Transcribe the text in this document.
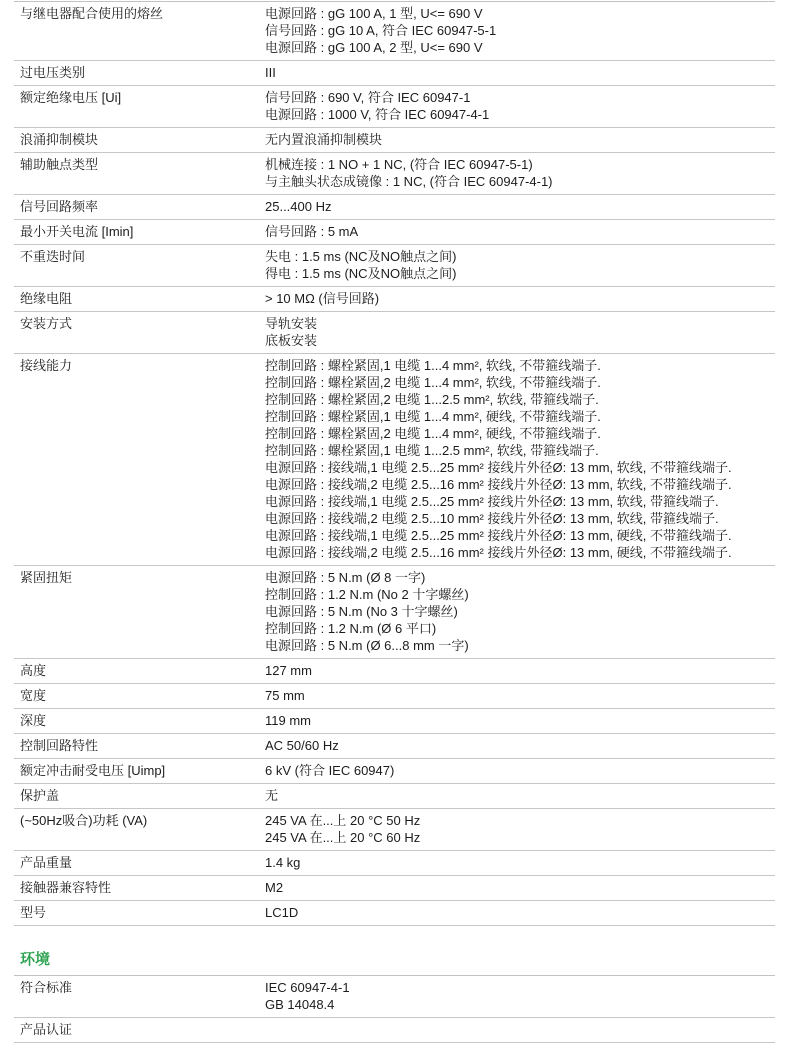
与继电器配合使用的熔丝	电源回路 : gG 100 A, 1 型, U<= 690 V
信号回路 : gG 10 A, 符合 IEC 60947-5-1
电源回路 : gG 100 A, 2 型, U<= 690 V
过电压类别	III
额定绝缘电压 [Ui]	信号回路 : 690 V, 符合 IEC 60947-1
电源回路 : 1000 V, 符合 IEC 60947-4-1
浪涌抑制模块	无内置浪涌抑制模块
辅助触点类型	机械连接 : 1 NO + 1 NC, (符合 IEC 60947-5-1)
与主触头状态成镜像 : 1 NC, (符合 IEC 60947-4-1)
信号回路频率	25...400 Hz
最小开关电流 [Imin]	信号回路 : 5 mA
不重迭时间	失电 : 1.5 ms (NC及NO触点之间)
得电 : 1.5 ms (NC及NO触点之间)
绝缘电阻	> 10 MΩ (信号回路)
安装方式	导轨安装
底板安装
接线能力	控制回路 : 螺栓紧固,1 电缆 1...4 mm², 软线, 不带箍线端子.
控制回路 : 螺栓紧固,2 电缆 1...4 mm², 软线, 不带箍线端子.
控制回路 : 螺栓紧固,2 电缆 1...2.5 mm², 软线, 带箍线端子.
控制回路 : 螺栓紧固,1 电缆 1...4 mm², 硬线, 不带箍线端子.
控制回路 : 螺栓紧固,2 电缆 1...4 mm², 硬线, 不带箍线端子.
控制回路 : 螺栓紧固,1 电缆 1...2.5 mm², 软线, 带箍线端子.
电源回路 : 接线端,1 电缆 2.5...25 mm² 接线片外径Ø: 13 mm, 软线, 不带箍线端子.
电源回路 : 接线端,2 电缆 2.5...16 mm² 接线片外径Ø: 13 mm, 软线, 不带箍线端子.
电源回路 : 接线端,1 电缆 2.5...25 mm² 接线片外径Ø: 13 mm, 软线, 带箍线端子.
电源回路 : 接线端,2 电缆 2.5...10 mm² 接线片外径Ø: 13 mm, 软线, 带箍线端子.
电源回路 : 接线端,1 电缆 2.5...25 mm² 接线片外径Ø: 13 mm, 硬线, 不带箍线端子.
电源回路 : 接线端,2 电缆 2.5...16 mm² 接线片外径Ø: 13 mm, 硬线, 不带箍线端子.
紧固扭矩	电源回路 : 5 N.m (Ø 8 一字)
控制回路 : 1.2 N.m (No 2 十字螺丝)
电源回路 : 5 N.m (No 3 十字螺丝)
控制回路 : 1.2 N.m (Ø 6 平口)
电源回路 : 5 N.m (Ø 6...8 mm 一字)
高度	127 mm
宽度	75 mm
深度	119 mm
控制回路特性	AC 50/60 Hz
额定冲击耐受电压 [Uimp]	6 kV (符合 IEC 60947)
保护盖	无
(~50Hz吸合)功耗 (VA)	245 VA 在...上 20 °C 50 Hz
245 VA 在...上 20 °C 60 Hz
产品重量	1.4 kg
接触器兼容特性	M2
型号	LC1D
环境
符合标准	IEC 60947-4-1
GB 14048.4
产品认证
